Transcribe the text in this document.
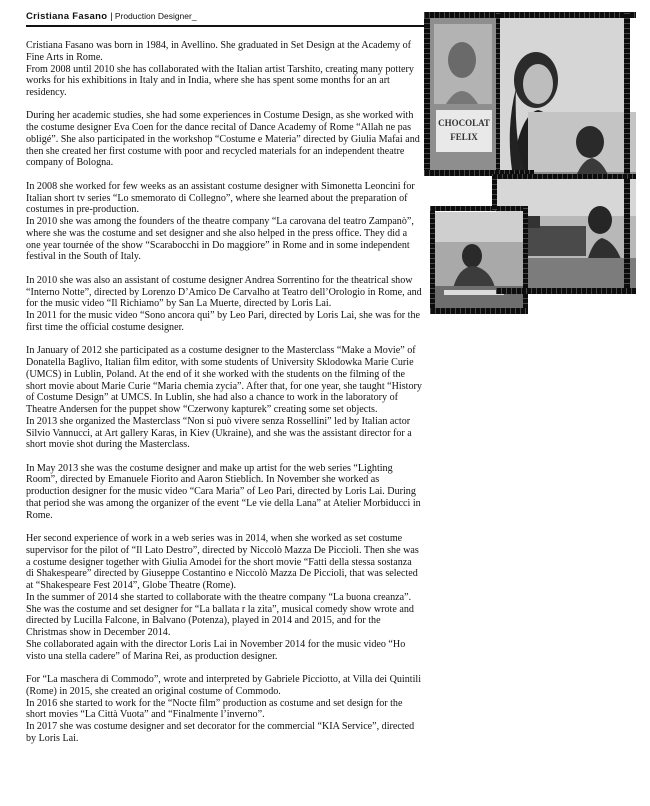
Cristiana Fasano | Production Designer_

Cristiana Fasano was born in 1984, in Avellino. She graduated in Set Design at the Academy of Fine Arts in Rome.

From 2008 until 2010 she has collaborated with the Italian artist Tarshito, creating many pottery works for his exhibitions in Italy and in India, where she has spent some months for an art residency.

During her academic studies, she had some experiences in Costume Design, as she worked with the costume designer Eva Coen for the dance recital of Dance Academy of Rome “Allah ne pas obligé”. She also participated in the workshop “Costume e Materia” directed by Giulia Mafai and then she created her first costume with poor and recycled materials for an independent theatre company of Bologna.

In 2008 she worked for few weeks as an assistant costume designer with Simonetta Leoncini for Italian short tv series “Lo smemorato di Collegno”, where she learned about the preparation of costumes in pre-production.

In 2010 she was among the founders of the theatre company “La carovana del teatro Zampanò”, where she was the costume and set designer and she also helped in the press office. They did a one year tournée of the show “Scarabocchi in Do maggiore” in Rome and in some independent festival in the South of Italy.

In 2010 she was also an assistant of costume designer Andrea Sorrentino for the theatrical show “Interno Notte”, directed by Lorenzo D’Amico De Carvalho at Teatro dell’Orologio in Rome, and for the music video “Il Richiamo” by San La Muerte, directed by Loris Lai.

In 2011 for the music video “Sono ancora qui” by Leo Pari, directed by Loris Lai, she was for the first time the official costume designer.

In January of 2012 she participated as a costume designer to the Masterclass “Make a Movie” of Donatella Baglivo, Italian film editor, with some students of University Sklodowka Marie Curie (UMCS) in Lublin, Poland. At the end of it she worked with the students on the filming of the short movie about Marie Curie “Maria chemia zycia”. After that, for one year, she taught “History of Costume Design” at UMCS. In Lublin, she had also a chance to work in the laboratory of Theatre Andersen for the puppet show “Czerwony kapturek” creating some set objects.

In 2013 she organized the Masterclass “Non si può vivere senza Rossellini” led by Italian actor Silvio Vannucci, at Art gallery Karas, in Kiev (Ukraine), and she was the assistant director for a short movie shot during the Masterclass.

In May 2013 she was the costume designer and make up artist for the web series “Lighting Room”, directed by Emanuele Fiorito and Aaron Stieblich. In November she worked as production designer for the music video “Cara Maria” of Leo Pari, directed by Loris Lai. During that period she was among the organizer of the event “Le vie della Lana” at Atelier Morbiducci in Rome.

Her second experience of work in a web series was in 2014, when she worked as set costume supervisor for the pilot of “Il Lato Destro”, directed by Niccolò Mazza De Piccioli. Then she was a costume designer together with Giulia Amodei for the short movie “Fatti della stessa sostanza di Shakespeare” directed by Giuseppe Costantino e Niccolò Mazza De Piccioli, that was selected at “Shakespeare Fest 2014”, Globe Theatre (Rome).

In the summer of 2014 she started to collaborate with the theatre company “La buona creanza”. She was the costume and set designer for “La ballata r la zita”, musical comedy show wrote and directed by Lucilla Falcone, in Balvano (Potenza), played in 2014 and 2015, and for the Christmas show in December 2014.

She collaborated again with the director Loris Lai in November 2014 for the music video “Ho visto una stella cadere” of Marina Rei, as production designer.

For “La maschera di Commodo”, wrote and interpreted by Gabriele Picciotto, at Villa dei Quintili (Rome) in 2015, she created an original costume of Commodo.

In 2016 she started to work for the “Nocte film” production as costume and set design for the short movies “La Città Vuota” and “Finalmente l’inverno”.

In 2017 she was costume designer and set decorator for the commercial “KIA Service”, directed by Loris Lai.

CHOCOLAT
FELIX
